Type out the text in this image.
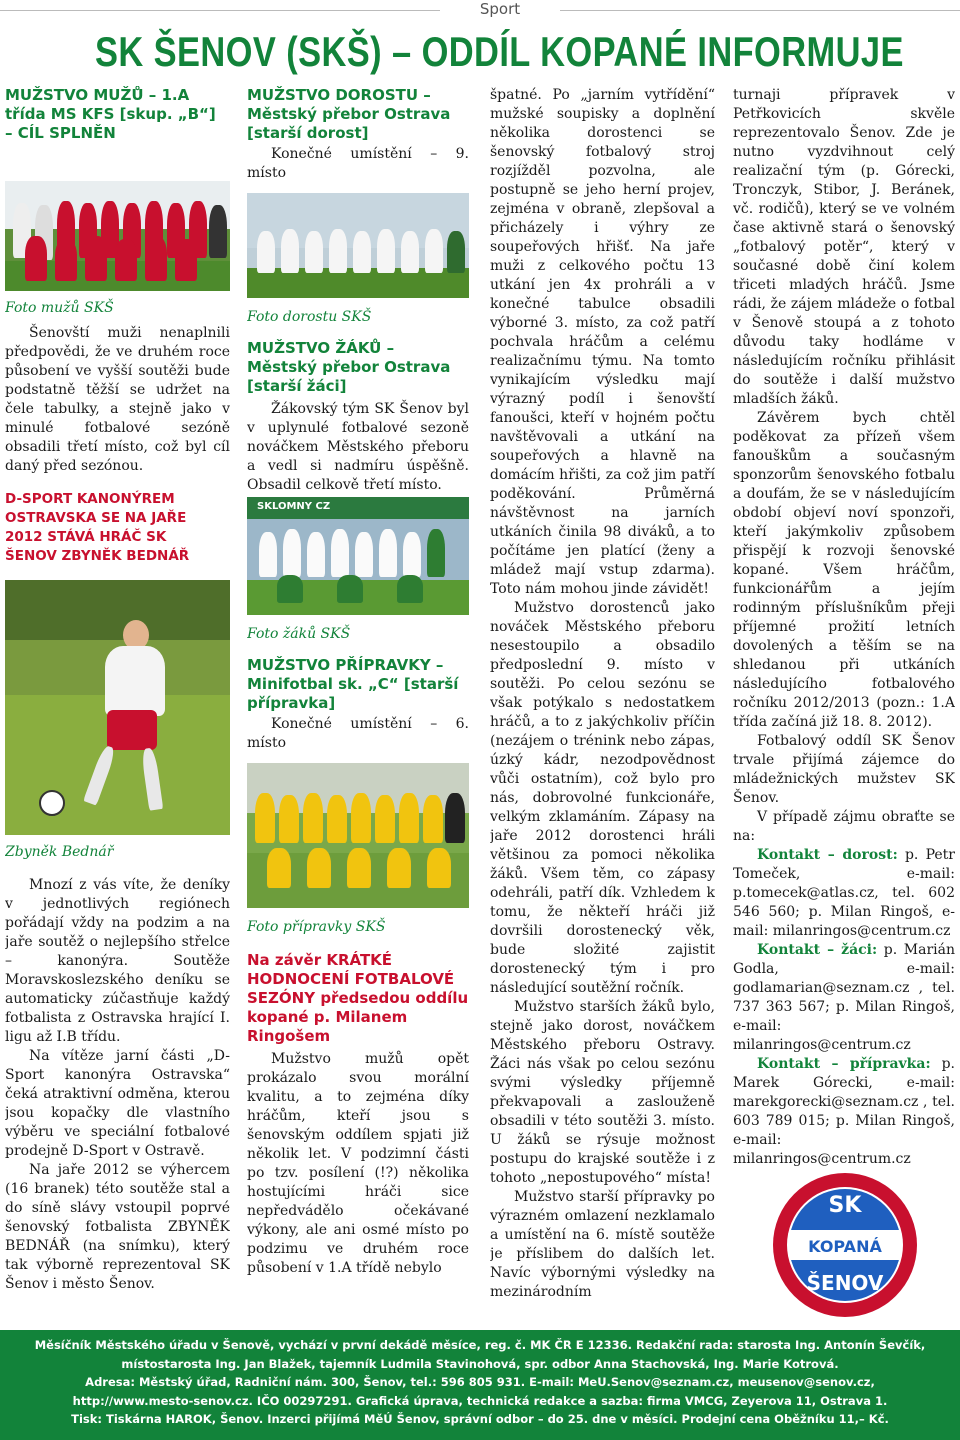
Sport
SK ŠENOV (SKŠ) – ODDÍL KOPANÉ INFORMUJE
MUŽSTVO MUŽŮ – 1.A třída MS KFS [skup. „B“] – CÍL SPLNĚN
Foto mužů SKŠ

Šenovští muži nenaplnili předpovědi, že ve druhém roce působení ve vyšší soutěži bude podstatně těžší se udržet na čele tabulky, a stejně jako v minulé fotbalové sezóně obsadili třetí místo, což byl cíl daný před sezónou.

D-SPORT KANONÝREM OSTRAVSKA SE NA JAŘE 2012 STÁVÁ HRÁČ SK ŠENOV ZBYNĚK BEDNÁŘ
Zbyněk Bednář

Mnozí z vás víte, že deníky v jednotlivých regiónech pořádají vždy na podzim a na jaře soutěž o nejlepšího střelce – kanonýra. Soutěže Moravskoslezského deníku se automaticky zúčastňuje každý fotbalista z Ostravska hrající I. ligu až I.B třídu.

Na vítěze jarní části „D-Sport kanonýra Ostravska“ čeká atraktivní odměna, kterou jsou kopačky dle vlastního výběru ve speciální fotbalové prodejně D-Sport v Ostravě.

Na jaře 2012 se výhercem (16 branek) této soutěže stal a do síně slávy vstoupil poprvé šenovský fotbalista ZBYNĚK BEDNÁŘ (na snímku), který tak výborně reprezentoval SK Šenov i město Šenov.

MUŽSTVO DOROSTU – Městský přebor Ostrava [starší dorost]

Konečné umístění – 9. místo

Foto dorostu SKŠ
MUŽSTVO ŽÁKŮ – Městský přebor Ostrava [starší žáci]

Žákovský tým SK Šenov byl v uplynulé fotbalové sezoně nováčkem Městského přeboru a vedl si nadmíru úspěšně. Obsadil celkově třetí místo.

SKLOMNY CZ
Foto žáků SKŠ
MUŽSTVO PŘÍPRAVKY – Minifotbal sk. „C“ [starší přípravka]

Konečné umístění – 6. místo

Foto přípravky SKŠ
Na závěr KRÁTKÉ HODNOCENÍ FOTBALOVÉ SEZÓNY předsedou oddílu kopané p. Milanem Ringošem

Mužstvo mužů opět prokázalo svou morální kvalitu, a to zejména díky hráčům, kteří jsou s šenovským oddílem spjati již několik let. V podzimní části po tzv. posílení (!?) několika hostujícími hráči sice nepředvádělo očekávané výkony, ale ani osmé místo po podzimu ve druhém roce působení v 1.A třídě nebylo

špatné. Po „jarním vytřídění“ mužské soupisky a doplnění několika dorostenci se šenovský fotbalový stroj rozjížděl pozvolna, ale postupně se jeho herní projev, zejména v obraně, zlepšoval a přicházely i výhry ze soupeřových hřišť. Na jaře muži z celkového počtu 13 utkání jen 4x prohráli a v konečné tabulce obsadili výborné 3. místo, za což patří pochvala hráčům a celému realizačnímu týmu. Na tomto vynikajícím výsledku mají výrazný podíl i šenovští fanoušci, kteří v hojném počtu navštěvovali a utkání na soupeřových a hlavně na domácím hřišti, za což jim patří poděkování. Průměrná návštěvnost na jarních utkáních činila 98 diváků, a to počítáme jen platící (ženy a mládež mají vstup zdarma). Toto nám mohou jinde závidět!

Mužstvo dorostenců jako nováček Městského přeboru nesestoupilo a obsadilo předposlední 9. místo v soutěži. Po celou sezónu se však potýkalo s nedostatkem hráčů, a to z jakýchkoliv příčin (nezájem o trénink nebo zápas, úzký kádr, nezodpovědnost vůči ostatním), což bylo pro nás, dobrovolné funkcionáře, velkým zklamáním. Zápasy na jaře 2012 dorostenci hráli většinou za pomoci několika žáků. Všem těm, co zápasy odehráli, patří dík. Vzhledem k tomu, že někteří hráči již dovršili dorostenecký věk, bude složité zajistit dorostenecký tým i pro následující soutěžní ročník.

Mužstvo starších žáků bylo, stejně jako dorost, nováčkem Městského přeboru Ostravy. Žáci nás však po celou sezónu svými výsledky příjemně překvapovali a zaslouženě obsadili v této soutěži 3. místo. U žáků se rýsuje možnost postupu do krajské soutěže i z tohoto „nepostupového“ místa!

Mužstvo starší přípravky po výrazném omlazení nezklamalo a umístění na 6. místě soutěže je příslibem do dalších let. Navíc výbornými výsledky na mezinárodním

turnaji přípravek v Petřkovicích skvěle reprezentovalo Šenov. Zde je nutno vyzdvihnout celý realizační tým (p. Górecki, Tronczyk, Stibor, J. Beránek, vč. rodičů), který se ve volném čase aktivně stará o šenovský „fotbalový potěr“, který v současné době činí kolem třiceti mladých hráčů. Jsme rádi, že zájem mládeže o fotbal v Šenově stoupá a z tohoto důvodu taky hodláme v následujícím ročníku přihlásit do soutěže i další mužstvo mladších žáků.

Závěrem bych chtěl poděkovat za přízeň všem fanouškům a současným sponzorům šenovského fotbalu a doufám, že se v následujícím období objeví noví sponzoři, kteří jakýmkoliv způsobem přispějí k rozvoji šenovské kopané. Všem hráčům, funkcionářům a jejím rodinným příslušníkům přeji příjemné prožití letních dovolených a těším se na shledanou při utkáních následujícího fotbalového ročníku 2012/2013 (pozn.: 1.A třída začíná již 18. 8. 2012).

Fotbalový oddíl SK Šenov trvale přijímá zájemce do mládežnických mužstev SK Šenov.

V případě zájmu obraťte se na:

Kontakt – dorost: p. Petr Tomeček, e-mail: p.tomecek@atlas.cz, tel. 602 546 560; p. Milan Ringoš, e-mail: milanringos@centrum.cz

Kontakt – žáci: p. Marián Godla, e-mail: godlamarian@seznam.cz , tel. 737 363 567; p. Milan Ringoš, e-mail: milanringos@centrum.cz

Kontakt – přípravka: p. Marek Górecki, e-mail: marekgorecki@seznam.cz , tel. 603 789 015; p. Milan Ringoš, e-mail: milanringos@centrum.cz

SK
KOPANÁ
ŠENOV
Měsíčník Městského úřadu v Šenově, vychází v první dekádě měsíce, reg. č. MK ČR E 12336. Redakční rada: starosta Ing. Antonín Ševčík,
místostarosta Ing. Jan Blažek, tajemník Ludmila Stavinohová, spr. odbor Anna Stachovská, Ing. Marie Kotrová.
Adresa: Městský úřad, Radniční nám. 300, Šenov, tel.: 596 805 931. E-mail: MeU.Senov@seznam.cz, meusenov@senov.cz,
http://www.mesto-senov.cz. IČO 00297291. Grafická úprava, technická redakce a sazba: firma VMCG, Zeyerova 11, Ostrava 1.
Tisk: Tiskárna HAROK, Šenov. Inzerci přijímá MěÚ Šenov, správní odbor – do 25. dne v měsíci. Prodejní cena Oběžníku 11,– Kč.
